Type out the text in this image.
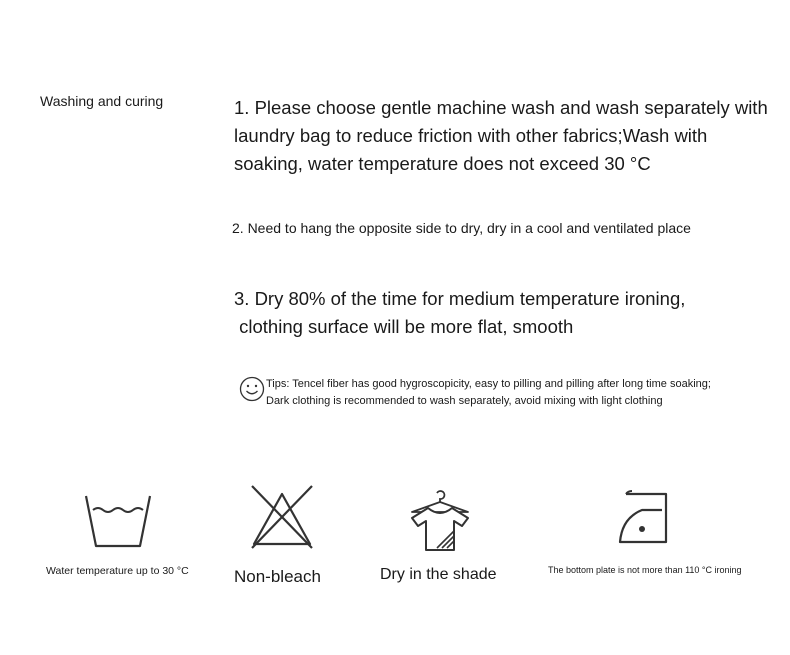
Washing and curing	1. Please choose gentle machine wash and wash separately with laundry bag to reduce friction with other fabrics;Wash with soaking, water temperature does not exceed 30 °C
2. Need to hang the opposite side to dry, dry in a cool and ventilated place
3. Dry 80% of the time for medium temperature ironing,
clothing surface will be more flat, smooth
Tips: Tencel fiber has good hygroscopicity, easy to pilling and pilling after long time soaking; Dark clothing is recommended to wash separately, avoid mixing with light clothing
Water temperature up to 30 °C	Non-bleach	Dry in the shade	The bottom plate is not more than 110 °C ironing
